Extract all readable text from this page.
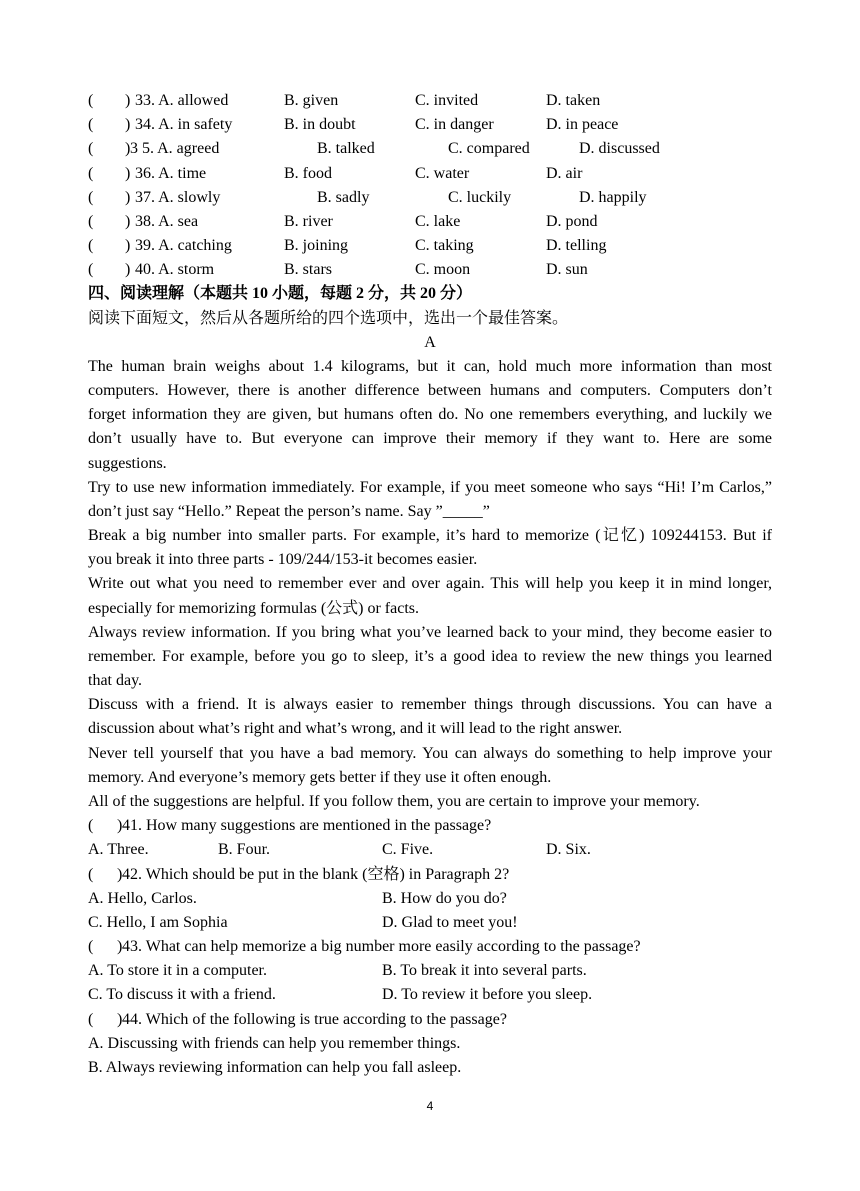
( ) 33. A. allowed	B. given	C. invited	D. taken
( ) 34. A. in safety	B. in doubt	C. in danger	D. in peace
( ) 3 5. A. agreed	B. talked	C. compared	D. discussed
( ) 36. A. time	B. food	C. water	D. air
( ) 37. A. slowly	B. sadly	C. luckily	D. happily
( ) 38. A. sea	B. river	C. lake	D. pond
( ) 39. A. catching	B. joining	C. taking	D. telling
( ) 40. A. storm	B. stars	C. moon	D. sun
四、阅读理解（本题共 10 小题，每题 2 分，共 20 分）
阅读下面短文，然后从各题所给的四个选项中，选出一个最佳答案。
A
The human brain weighs about 1.4 kilograms, but it can, hold much more information than most
computers. However, there is another difference between humans and computers. Computers don’t
forget information they are given, but humans often do. No one remembers everything, and luckily we
don’t usually have to. But everyone can improve their memory if they want to. Here are some
suggestions.
Try to use new information immediately. For example, if you meet someone who says “Hi! I’m Carlos,”
don’t just say “Hello.” Repeat the person’s name. Say ”_____”
Break a big number into smaller parts. For example, it’s hard to memorize (记忆) 109244153. But if
you break it into three parts - 109/244/153-it becomes easier.
Write out what you need to remember ever and over again. This will help you keep it in mind longer,
especially for memorizing formulas (公式) or facts.
Always review information. If you bring what you’ve learned back to your mind, they become easier to
remember. For example, before you go to sleep, it’s a good idea to review the new things you learned
that day.
Discuss with a friend. It is always easier to remember things through discussions. You can have a
discussion about what’s right and what’s wrong, and it will lead to the right answer.
Never tell yourself that you have a bad memory. You can always do something to help improve your
memory. And everyone’s memory gets better if they use it often enough.
All of the suggestions are helpful. If you follow them, you are certain to improve your memory.
( ) 41. How many suggestions are mentioned in the passage?
A. Three.	B. Four.	C. Five.	D. Six.
( ) 42. Which should be put in the blank (空格) in Paragraph 2?
A. Hello, Carlos.	B. How do you do?
C. Hello, I am Sophia	D. Glad to meet you!
( ) 43. What can help memorize a big number more easily according to the passage?
A. To store it in a computer.	B. To break it into several parts.
C. To discuss it with a friend.	D. To review it before you sleep.
( ) 44. Which of the following is true according to the passage?
A. Discussing with friends can help you remember things.
B. Always reviewing information can help you fall asleep.
4
